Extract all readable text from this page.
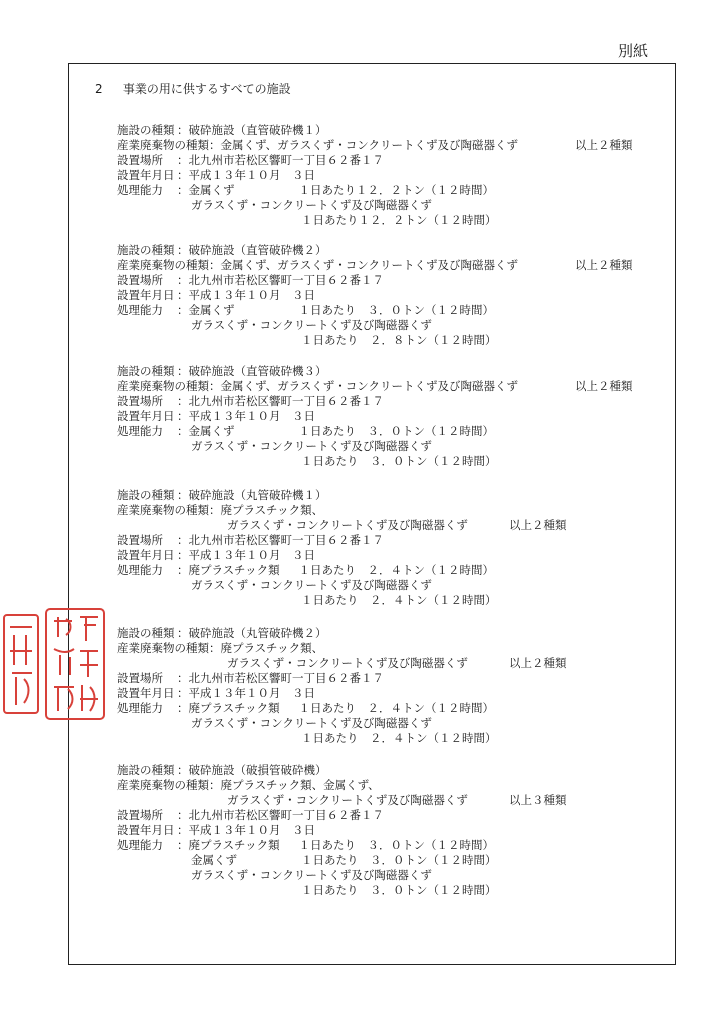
別紙
2 事業の用に供するすべての施設
施設の種類 ： 破砕施設（直管破砕機１）
産業廃棄物の種類 ： 金属くず、ガラスくず・コンクリートくず及び陶磁器くず	以上２種類
設置場所	： 北九州市若松区響町一丁目６２番１７
設置年月日 ： 平成１３年１０月　３日
処理能力	： 金属くず	１日あたり１２．２トン（１２時間）
ガラスくず・コンクリートくず及び陶磁器くず
１日あたり１２．２トン（１２時間）
施設の種類 ： 破砕施設（直管破砕機２）
産業廃棄物の種類 ： 金属くず、ガラスくず・コンクリートくず及び陶磁器くず	以上２種類
設置場所	： 北九州市若松区響町一丁目６２番１７
設置年月日 ： 平成１３年１０月　３日
処理能力	： 金属くず	１日あたり　３．０トン（１２時間）
ガラスくず・コンクリートくず及び陶磁器くず
１日あたり　２．８トン（１２時間）
施設の種類 ： 破砕施設（直管破砕機３）
産業廃棄物の種類 ： 金属くず、ガラスくず・コンクリートくず及び陶磁器くず	以上２種類
設置場所	： 北九州市若松区響町一丁目６２番１７
設置年月日 ： 平成１３年１０月　３日
処理能力	： 金属くず	１日あたり　３．０トン（１２時間）
ガラスくず・コンクリートくず及び陶磁器くず
１日あたり　３．０トン（１２時間）
施設の種類 ： 破砕施設（丸管破砕機１）
産業廃棄物の種類 ： 廃プラスチック類、
ガラスくず・コンクリートくず及び陶磁器くず	以上２種類
設置場所	： 北九州市若松区響町一丁目６２番１７
設置年月日 ： 平成１３年１０月　３日
処理能力	： 廃プラスチック類	１日あたり　２．４トン（１２時間）
ガラスくず・コンクリートくず及び陶磁器くず
１日あたり　２．４トン（１２時間）
施設の種類 ： 破砕施設（丸管破砕機２）
産業廃棄物の種類 ： 廃プラスチック類、
ガラスくず・コンクリートくず及び陶磁器くず	以上２種類
設置場所	： 北九州市若松区響町一丁目６２番１７
設置年月日 ： 平成１３年１０月　３日
処理能力	： 廃プラスチック類	１日あたり　２．４トン（１２時間）
ガラスくず・コンクリートくず及び陶磁器くず
１日あたり　２．４トン（１２時間）
施設の種類 ： 破砕施設（破損管破砕機）
産業廃棄物の種類 ： 廃プラスチック類、金属くず、
ガラスくず・コンクリートくず及び陶磁器くず	以上３種類
設置場所	： 北九州市若松区響町一丁目６２番１７
設置年月日 ： 平成１３年１０月　３日
処理能力	： 廃プラスチック類	１日あたり　３．０トン（１２時間）
金属くず	１日あたり　３．０トン（１２時間）
ガラスくず・コンクリートくず及び陶磁器くず
１日あたり　３．０トン（１２時間）
